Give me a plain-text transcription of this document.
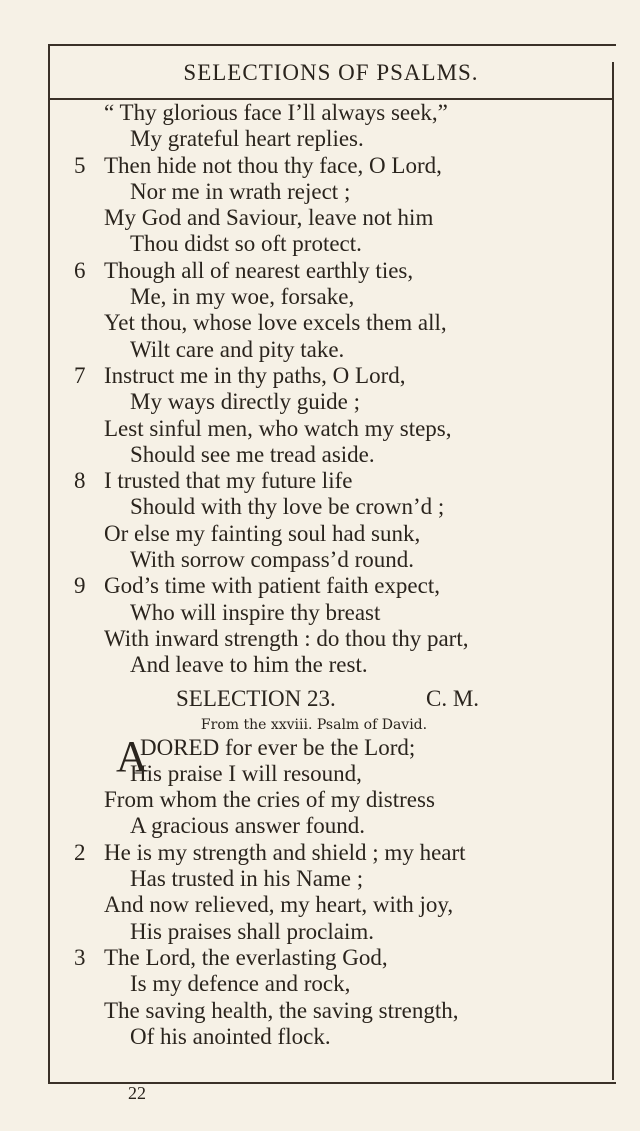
SELECTIONS OF PSALMS.
“ Thy glorious face I’ll always seek,”
My grateful heart replies.
5 Then hide not thou thy face, O Lord,
Nor me in wrath reject ;
My God and Saviour, leave not him
Thou didst so oft protect.
6 Though all of nearest earthly ties,
Me, in my woe, forsake,
Yet thou, whose love excels them all,
Wilt care and pity take.
7 Instruct me in thy paths, O Lord,
My ways directly guide ;
Lest sinful men, who watch my steps,
Should see me tread aside.
8 I trusted that my future life
Should with thy love be crown’d ;
Or else my fainting soul had sunk,
With sorrow compass’d round.
9 God’s time with patient faith expect,
Who will inspire thy breast
With inward strength : do thou thy part,
And leave to him the rest.
SELECTION 23.	C. M.
From the xxviii. Psalm of David.
A
DORED for ever be the Lord;
His praise I will resound,
From whom the cries of my distress
A gracious answer found.
2 He is my strength and shield ; my heart
Has trusted in his Name ;
And now relieved, my heart, with joy,
His praises shall proclaim.
3 The Lord, the everlasting God,
Is my defence and rock,
The saving health, the saving strength,
Of his anointed flock.
22
